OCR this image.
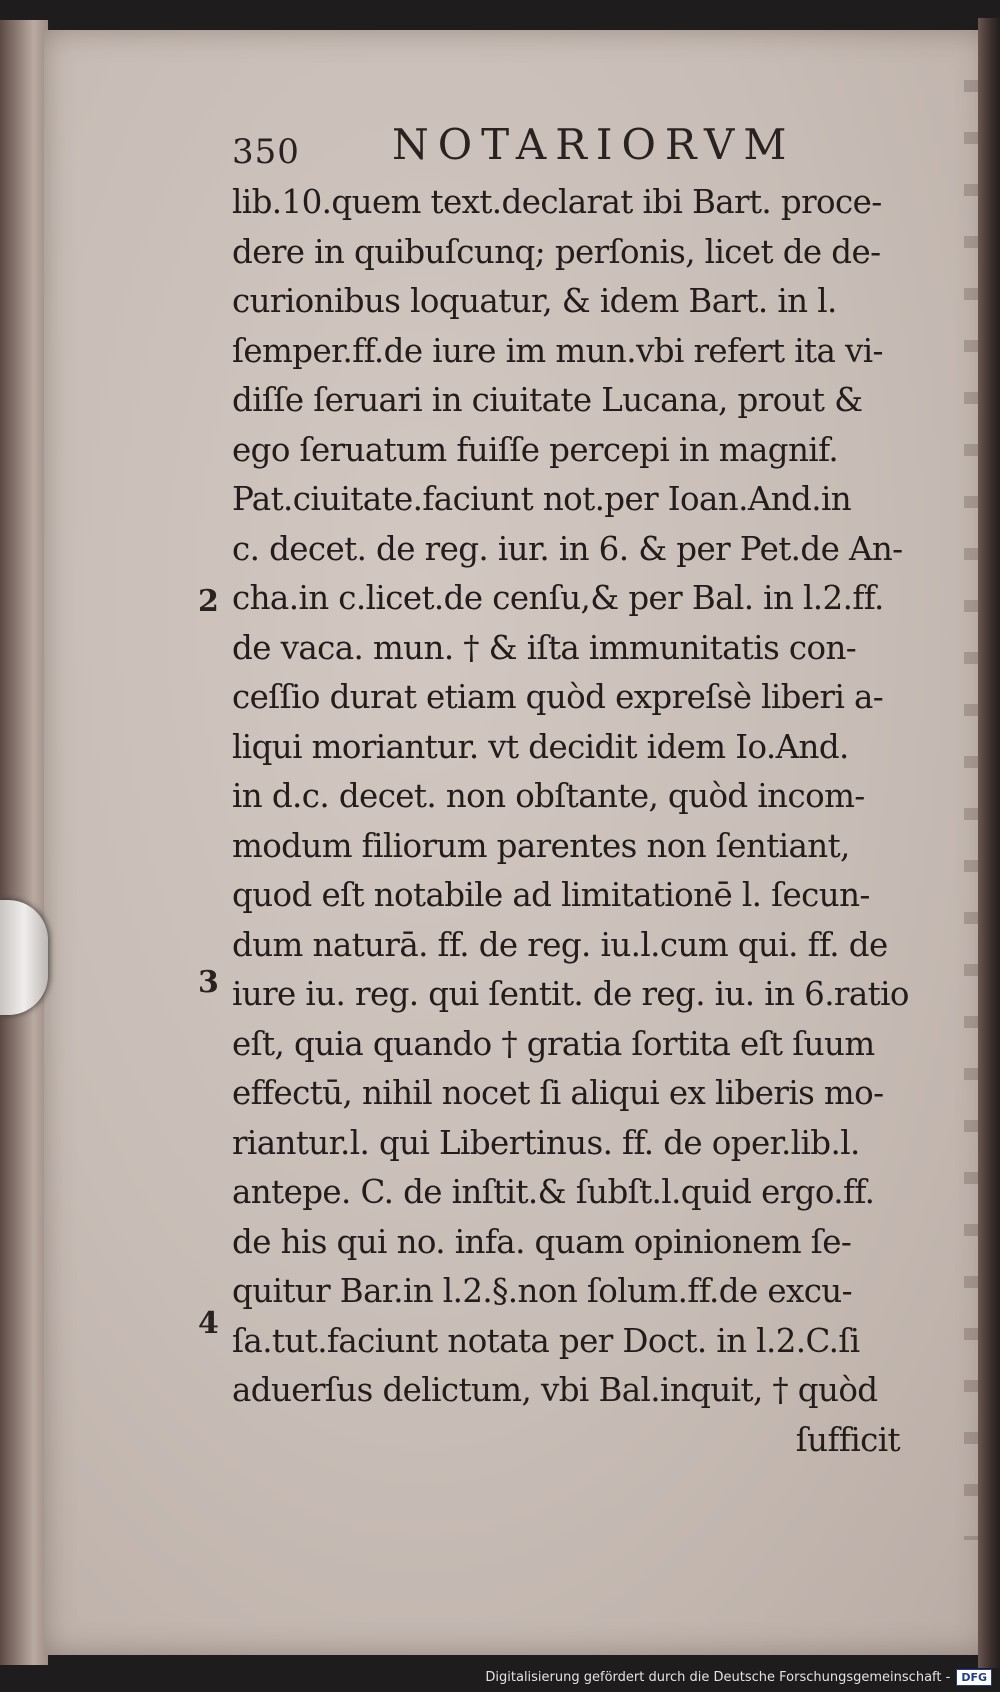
350 NOTARIORVM
2
3
4
lib.10.quem text.declarat ibi Bart. proce-
dere in quibuſcunq; perſonis, licet de de-
curionibus loquatur, & idem Bart. in l.
ſemper.ff.de iure im mun.vbi refert ita vi-
diſſe ſeruari in ciuitate Lucana, prout &
ego ſeruatum fuiſſe percepi in magnif.
Pat.ciuitate.faciunt not.per Ioan.And.in
c. decet. de reg. iur. in 6. & per Pet.de An-
cha.in c.licet.de cenſu,& per Bal. in l.2.ff.
de vaca. mun. † & iſta immunitatis con-
ceſſio durat etiam quòd expreſsè liberi a-
liqui moriantur. vt decidit idem Io.And.
in d.c. decet. non obſtante, quòd incom-
modum filiorum parentes non ſentiant,
quod eſt notabile ad limitationē l. ſecun-
dum naturā. ff. de reg. iu.l.cum qui. ff. de
iure iu. reg. qui ſentit. de reg. iu. in 6.ratio
eſt, quia quando † gratia ſortita eſt ſuum
effectū, nihil nocet ſi aliqui ex liberis mo-
riantur.l. qui Libertinus. ff. de oper.lib.l.
antepe. C. de inſtit.& ſubſt.l.quid ergo.ff.
de his qui no. infa. quam opinionem ſe-
quitur Bar.in l.2.§.non ſolum.ff.de excu-
ſa.tut.faciunt notata per Doct. in l.2.C.ſi
aduerſus delictum, vbi Bal.inquit, † quòd
ſufficit
Digitalisierung gefördert durch die Deutsche Forschungsgemeinschaft -	DFG
